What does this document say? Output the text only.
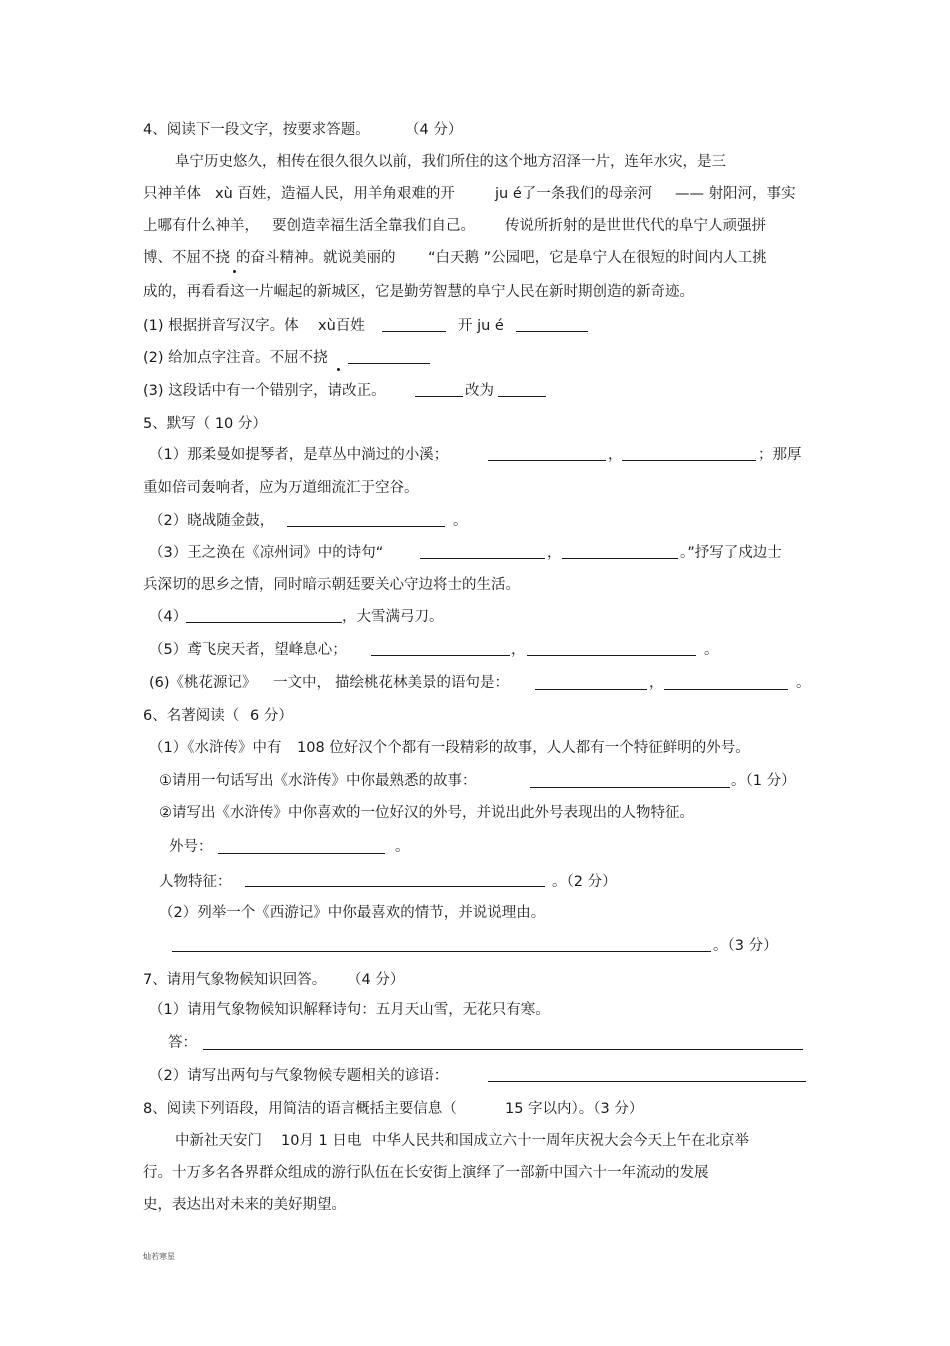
4、阅读下一段文字，按要求答题。 （4 分）
阜宁历史悠久，相传在很久很久以前，我们所住的这个地方沼泽一片，连年水灾，是三
只神羊体 xù 百姓，造福人民，用羊角艰难的开	ju é了一条我们的母亲河 —— 射阳河，事实
上哪有什么神羊， 要创造幸福生活全靠我们自己。 传说所折射的是世世代代的阜宁人顽强拼
博、不屈不挠 的奋斗精神。就说美丽的 “白天鹅 ”公园吧，它是阜宁人在很短的时间内人工挑
成的，再看看这一片崛起的新城区，它是勤劳智慧的阜宁人民在新时期创造的新奇迹。
(1) 根据拼音写汉字。体 xù百姓	开 ju é
(2) 给加点字注音。不屈不挠
(3) 这段话中有一个错别字，请改正。	改为
5、默写（ 10 分）
（1）那柔曼如提琴者，是草丛中淌过的小溪；	，	；那厚
重如倍司轰响者，应为万道细流汇于空谷。
（2）晓战随金鼓，	。
（3）王之涣在《凉州词》中的诗句“	，	。”抒写了戍边士
兵深切的思乡之情，同时暗示朝廷要关心守边将士的生活。
（4）	，大雪满弓刀。
（5）鸢飞戾天者，望峰息心；	，	。
(6)《桃花源记》 一文中， 描绘桃花林美景的语句是：	，	。
6、名著阅读（ 6 分）
（1）《水浒传》中有 108 位好汉个个都有一段精彩的故事，人人都有一个特征鲜明的外号。
①请用一句话写出《水浒传》中你最熟悉的故事：	。（1 分）
②请写出《水浒传》中你喜欢的一位好汉的外号，并说出此外号表现出的人物特征。
外号：	。
人物特征：	。（2 分）
（2）列举一个《西游记》中你最喜欢的情节，并说说理由。
。（3 分）
7、请用气象物候知识回答。 （4 分）
（1）请用气象物候知识解释诗句：五月天山雪，无花只有寒。
答：
（2）请写出两句与气象物候专题相关的谚语：
8、阅读下列语段，用简洁的语言概括主要信息（	15 字以内）。（3 分）
中新社天安门 10月 1 日电 中华人民共和国成立六十一周年庆祝大会今天上午在北京举
行。十万多名各界群众组成的游行队伍在长安街上演绎了一部新中国六十一年流动的发展
史，表达出对未来的美好期望。
灿若寒星
